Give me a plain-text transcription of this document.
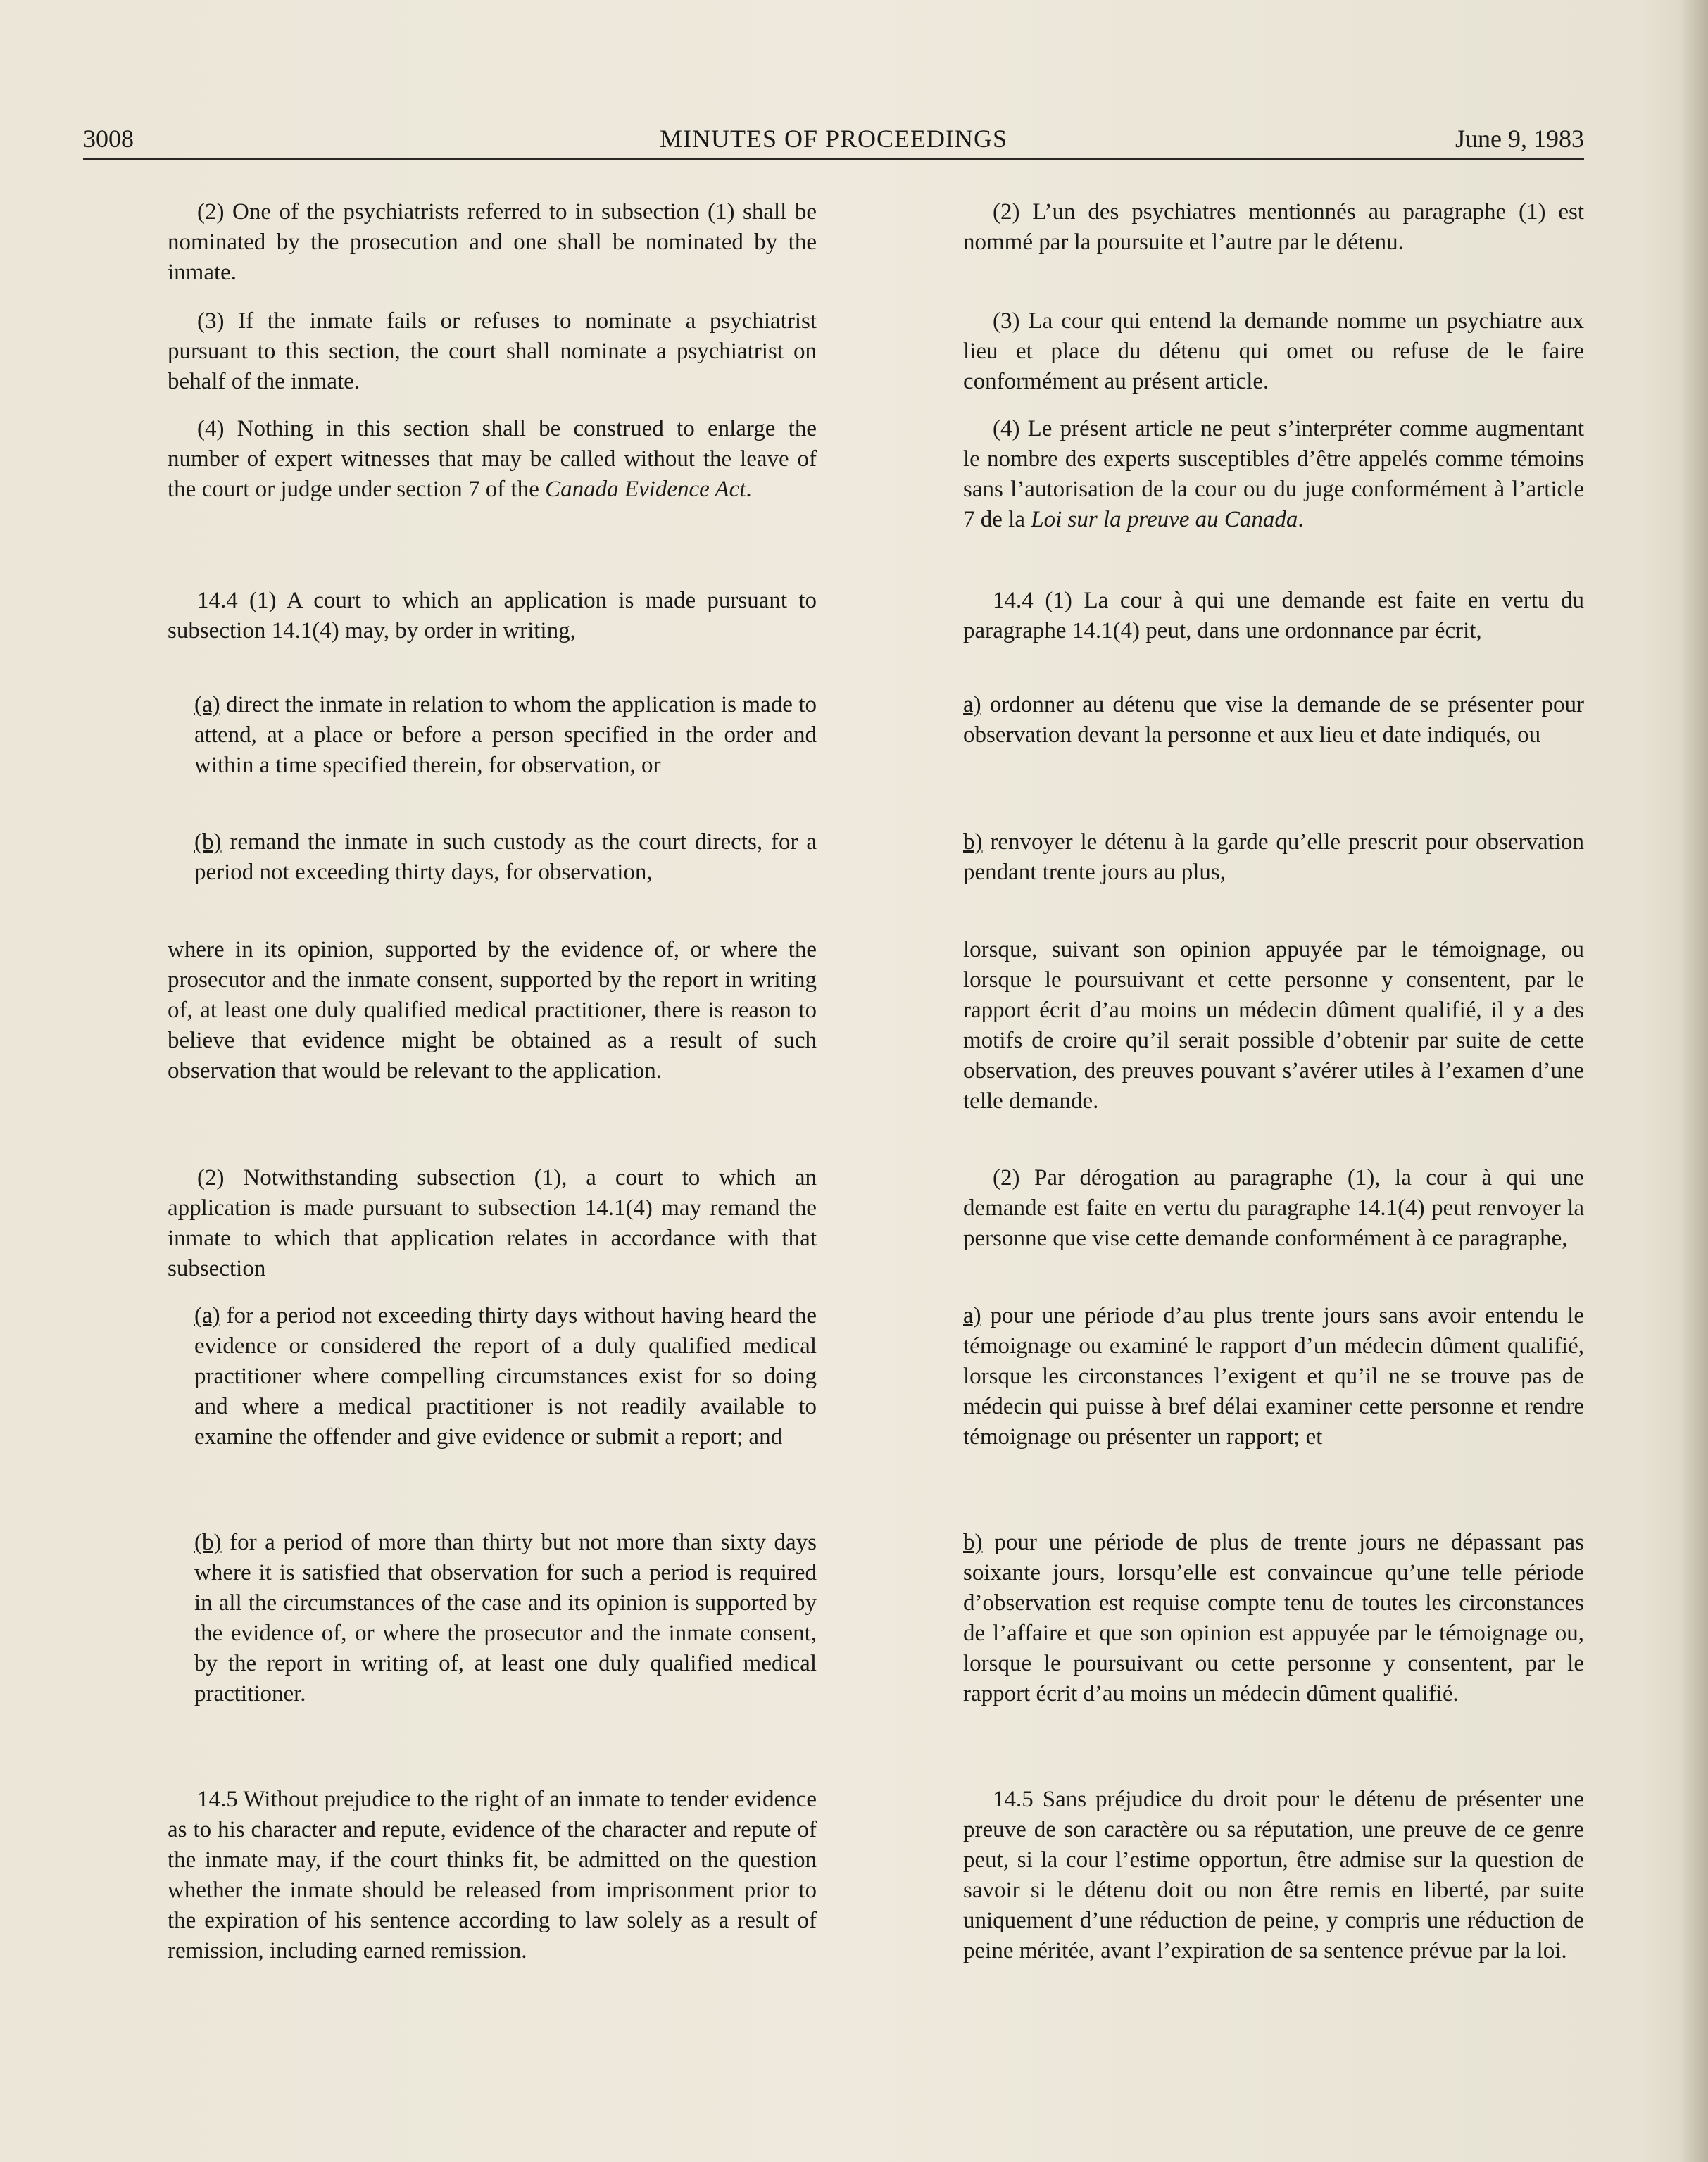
3008	MINUTES OF PROCEEDINGS	June 9, 1983

(2) One of the psychiatrists referred to in subsection (1) shall be nominated by the prosecution and one shall be nominated by the inmate.

(3) If the inmate fails or refuses to nominate a psychiatrist pursuant to this section, the court shall nominate a psychiatrist on behalf of the inmate.

(4) Nothing in this section shall be construed to enlarge the number of expert witnesses that may be called without the leave of the court or judge under section 7 of the Canada Evidence Act.

14.4 (1) A court to which an application is made pursuant to subsection 14.1(4) may, by order in writing,

(a) direct the inmate in relation to whom the application is made to attend, at a place or before a person specified in the order and within a time specified therein, for observation, or

(b) remand the inmate in such custody as the court directs, for a period not exceeding thirty days, for observation,

where in its opinion, supported by the evidence of, or where the prosecutor and the inmate consent, supported by the report in writing of, at least one duly qualified medical practitioner, there is reason to believe that evidence might be obtained as a result of such observation that would be relevant to the application.

(2) Notwithstanding subsection (1), a court to which an application is made pursuant to subsection 14.1(4) may remand the inmate to which that application relates in accordance with that subsection

(a) for a period not exceeding thirty days without having heard the evidence or considered the report of a duly qualified medical practitioner where compelling circumstances exist for so doing and where a medical practitioner is not readily available to examine the offender and give evidence or submit a report; and

(b) for a period of more than thirty but not more than sixty days where it is satisfied that observation for such a period is required in all the circumstances of the case and its opinion is supported by the evidence of, or where the prosecutor and the inmate consent, by the report in writing of, at least one duly qualified medical practitioner.

14.5 Without prejudice to the right of an inmate to tender evidence as to his character and repute, evidence of the character and repute of the inmate may, if the court thinks fit, be admitted on the question whether the inmate should be released from imprisonment prior to the expiration of his sentence according to law solely as a result of remission, including earned remission.

(2) L’un des psychiatres mentionnés au paragraphe (1) est nommé par la poursuite et l’autre par le détenu.

(3) La cour qui entend la demande nomme un psychiatre aux lieu et place du détenu qui omet ou refuse de le faire conformément au présent article.

(4) Le présent article ne peut s’interpréter comme augmentant le nombre des experts susceptibles d’être appelés comme témoins sans l’autorisation de la cour ou du juge conformément à l’article 7 de la Loi sur la preuve au Canada.

14.4 (1) La cour à qui une demande est faite en vertu du paragraphe 14.1(4) peut, dans une ordonnance par écrit,

a) ordonner au détenu que vise la demande de se présenter pour observation devant la personne et aux lieu et date indiqués, ou

b) renvoyer le détenu à la garde qu’elle prescrit pour observation pendant trente jours au plus,

lorsque, suivant son opinion appuyée par le témoignage, ou lorsque le poursuivant et cette personne y consentent, par le rapport écrit d’au moins un médecin dûment qualifié, il y a des motifs de croire qu’il serait possible d’obtenir par suite de cette observation, des preuves pouvant s’avérer utiles à l’examen d’une telle demande.

(2) Par dérogation au paragraphe (1), la cour à qui une demande est faite en vertu du paragraphe 14.1(4) peut renvoyer la personne que vise cette demande conformément à ce paragraphe,

a) pour une période d’au plus trente jours sans avoir entendu le témoignage ou examiné le rapport d’un médecin dûment qualifié, lorsque les circonstances l’exigent et qu’il ne se trouve pas de médecin qui puisse à bref délai examiner cette personne et rendre témoignage ou présenter un rapport; et

b) pour une période de plus de trente jours ne dépassant pas soixante jours, lorsqu’elle est convaincue qu’une telle période d’observation est requise compte tenu de toutes les circonstances de l’affaire et que son opinion est appuyée par le témoignage ou, lorsque le poursuivant ou cette personne y consentent, par le rapport écrit d’au moins un médecin dûment qualifié.

14.5 Sans préjudice du droit pour le détenu de présenter une preuve de son caractère ou sa réputation, une preuve de ce genre peut, si la cour l’estime opportun, être admise sur la question de savoir si le détenu doit ou non être remis en liberté, par suite uniquement d’une réduction de peine, y compris une réduction de peine méritée, avant l’expiration de sa sentence prévue par la loi.
